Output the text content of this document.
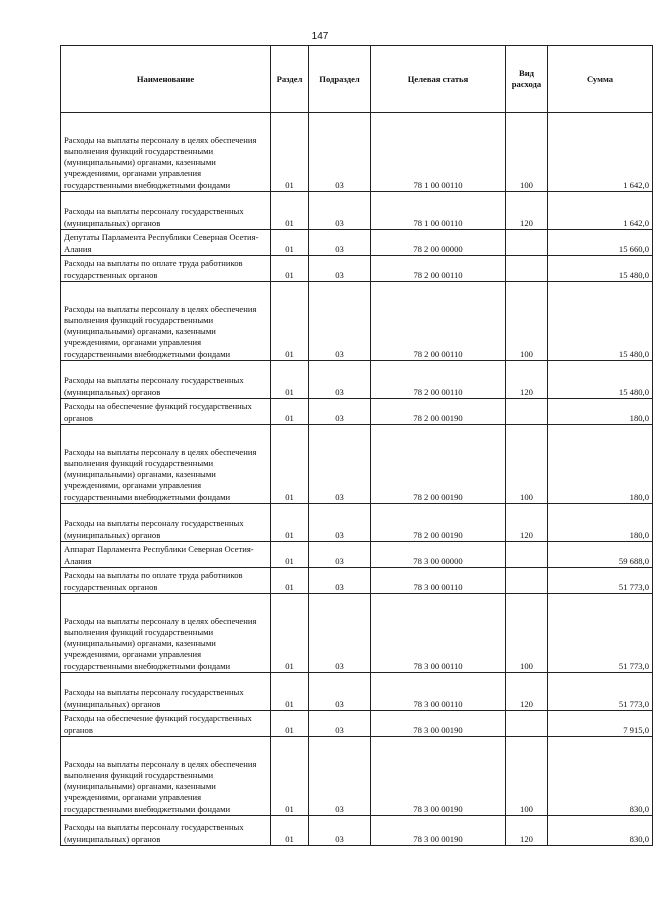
147
Наименование	Раздел	Подраздел	Целевая статья	Вид расхода	Сумма
Расходы на выплаты персоналу в целях обеспечения выполнения функций государственными (муниципальными) органами, казенными учреждениями, органами управления государственными внебюджетными фондами	01	03	78 1 00 00110	100	1 642,0
Расходы на выплаты персоналу государственных (муниципальных) органов	01	03	78 1 00 00110	120	1 642,0
Депутаты Парламента Республики Северная Осетия-Алания	01	03	78 2 00 00000		15 660,0
Расходы на выплаты по оплате труда работников государственных органов	01	03	78 2 00 00110		15 480,0
Расходы на выплаты персоналу в целях обеспечения выполнения функций государственными (муниципальными) органами, казенными учреждениями, органами управления государственными внебюджетными фондами	01	03	78 2 00 00110	100	15 480,0
Расходы на выплаты персоналу государственных (муниципальных) органов	01	03	78 2 00 00110	120	15 480,0
Расходы на обеспечение функций государственных органов	01	03	78 2 00 00190		180,0
Расходы на выплаты персоналу в целях обеспечения выполнения функций государственными (муниципальными) органами, казенными учреждениями, органами управления государственными внебюджетными фондами	01	03	78 2 00 00190	100	180,0
Расходы на выплаты персоналу государственных (муниципальных) органов	01	03	78 2 00 00190	120	180,0
Аппарат Парламента Республики Северная Осетия-Алания	01	03	78 3 00 00000		59 688,0
Расходы на выплаты по оплате труда работников государственных органов	01	03	78 3 00 00110		51 773,0
Расходы на выплаты персоналу в целях обеспечения выполнения функций государственными (муниципальными) органами, казенными учреждениями, органами управления государственными внебюджетными фондами	01	03	78 3 00 00110	100	51 773,0
Расходы на выплаты персоналу государственных (муниципальных) органов	01	03	78 3 00 00110	120	51 773,0
Расходы на обеспечение функций государственных органов	01	03	78 3 00 00190		7 915,0
Расходы на выплаты персоналу в целях обеспечения выполнения функций государственными (муниципальными) органами, казенными учреждениями, органами управления государственными внебюджетными фондами	01	03	78 3 00 00190	100	830,0
Расходы на выплаты персоналу государственных (муниципальных) органов	01	03	78 3 00 00190	120	830,0
